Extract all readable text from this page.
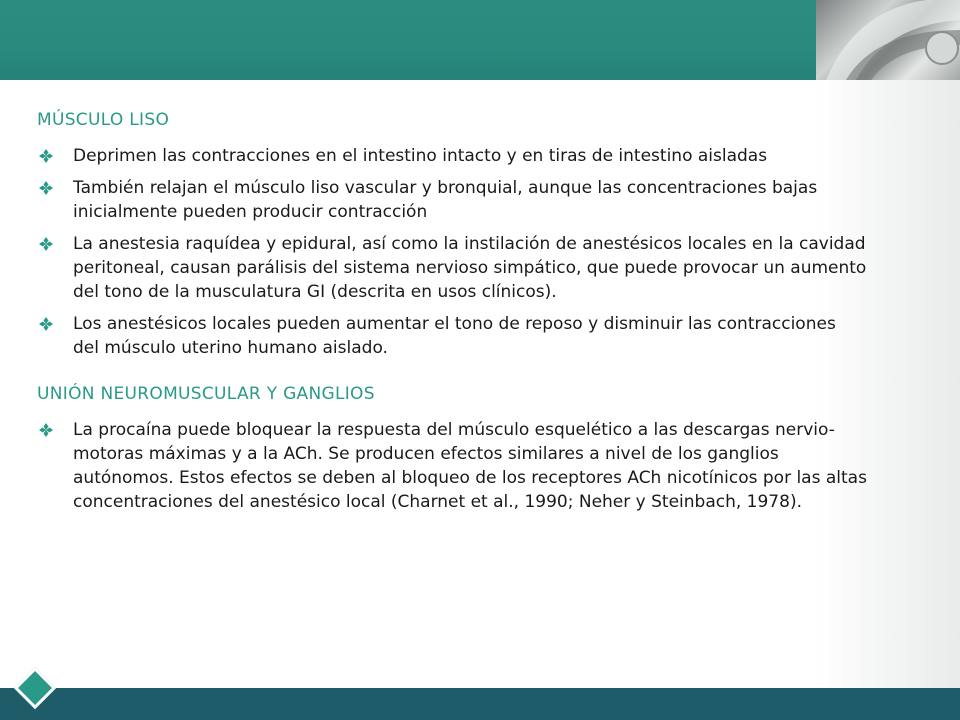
MÚSCULO LISO
Deprimen las contracciones en el intestino intacto y en tiras de intestino aisladas
También relajan el músculo liso vascular y bronquial, aunque las concentraciones bajas inicialmente pueden producir contracción
La anestesia raquídea y epidural, así como la instilación de anestésicos locales en la cavidad peritoneal, causan parálisis del sistema nervioso simpático, que puede provocar un aumento del tono de la musculatura GI (descrita en usos clínicos).
Los anestésicos locales pueden aumentar el tono de reposo y disminuir las contracciones del músculo uterino humano aislado.
UNIÓN NEUROMUSCULAR Y GANGLIOS
La procaína puede bloquear la respuesta del músculo esquelético a las descargas nervio-motoras máximas y a la ACh. Se producen efectos similares a nivel de los ganglios autónomos. Estos efectos se deben al bloqueo de los receptores ACh nicotínicos por las altas concentraciones del anestésico local (Charnet et al., 1990; Neher y Steinbach, 1978).
